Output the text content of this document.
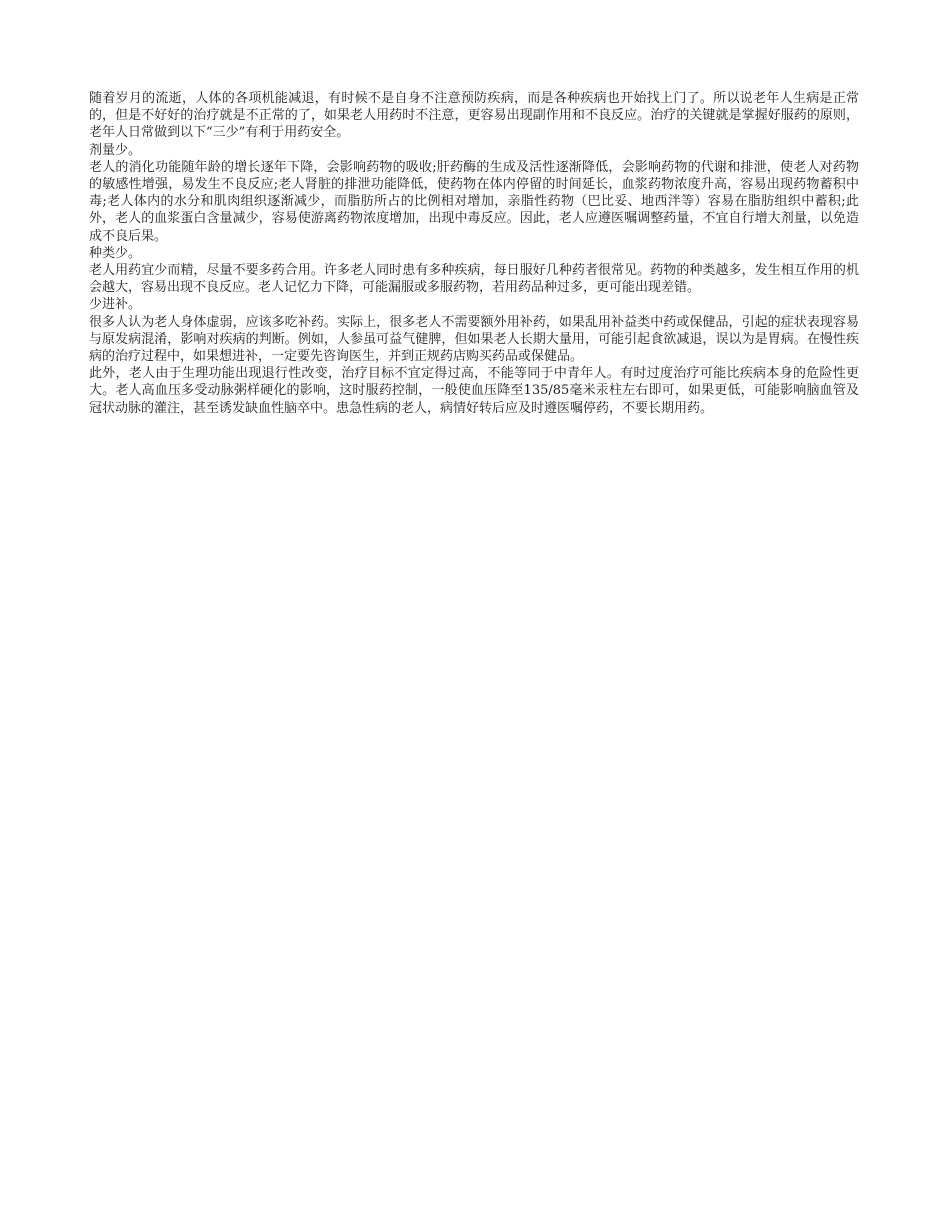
随着岁月的流逝，人体的各项机能减退，有时候不是自身不注意预防疾病，而是各种疾病也开始找上门了。所以说老年人生病是正常的，但是不好好的治疗就是不正常的了，如果老人用药时不注意，更容易出现副作用和不良反应。治疗的关键就是掌握好服药的原则，老年人日常做到以下“三少”有利于用药安全。

剂量少。

老人的消化功能随年龄的增长逐年下降，会影响药物的吸收;肝药酶的生成及活性逐渐降低，会影响药物的代谢和排泄，使老人对药物的敏感性增强，易发生不良反应;老人肾脏的排泄功能降低，使药物在体内停留的时间延长，血浆药物浓度升高，容易出现药物蓄积中毒;老人体内的水分和肌肉组织逐渐减少，而脂肪所占的比例相对增加，亲脂性药物（巴比妥、地西泮等）容易在脂肪组织中蓄积;此外，老人的血浆蛋白含量减少，容易使游离药物浓度增加，出现中毒反应。因此，老人应遵医嘱调整药量，不宜自行增大剂量，以免造成不良后果。

种类少。

老人用药宜少而精，尽量不要多药合用。许多老人同时患有多种疾病，每日服好几种药者很常见。药物的种类越多，发生相互作用的机会越大，容易出现不良反应。老人记忆力下降，可能漏服或多服药物，若用药品种过多，更可能出现差错。

少进补。

很多人认为老人身体虚弱，应该多吃补药。实际上，很多老人不需要额外用补药，如果乱用补益类中药或保健品，引起的症状表现容易与原发病混淆，影响对疾病的判断。例如，人参虽可益气健脾，但如果老人长期大量用，可能引起食欲减退，误以为是胃病。在慢性疾病的治疗过程中，如果想进补，一定要先咨询医生，并到正规药店购买药品或保健品。

此外，老人由于生理功能出现退行性改变，治疗目标不宜定得过高，不能等同于中青年人。有时过度治疗可能比疾病本身的危险性更大。老人高血压多受动脉粥样硬化的影响，这时服药控制，一般使血压降至135/85毫米汞柱左右即可，如果更低，可能影响脑血管及冠状动脉的灌注，甚至诱发缺血性脑卒中。患急性病的老人，病情好转后应及时遵医嘱停药，不要长期用药。
